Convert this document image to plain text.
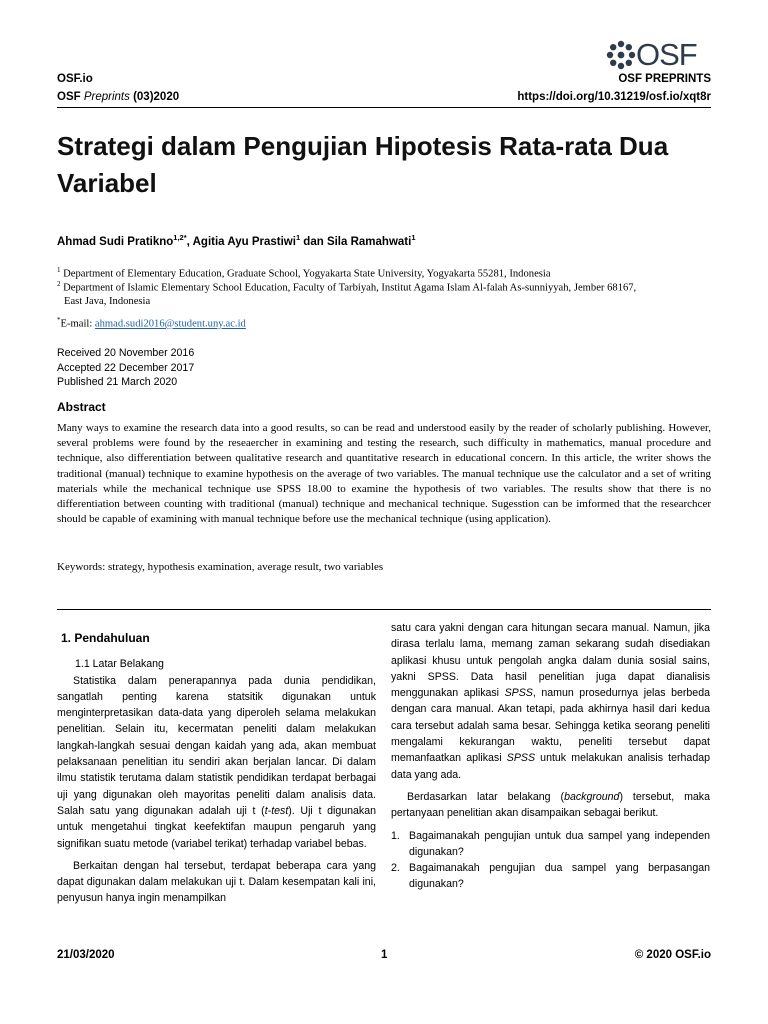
OSF
OSF.io	OSF PREPRINTS
OSF Preprints (03)2020	https://doi.org/10.31219/osf.io/xqt8r
Strategi dalam Pengujian Hipotesis Rata-rata Dua Variabel
Ahmad Sudi Pratikno$^{1,2*}$, Agitia Ayu Prastiwi$^1$ dan Sila Ramahwati$^1$
$^1$ Department of Elementary Education, Graduate School, Yogyakarta State University, Yogyakarta 55281, Indonesia
$^2$ Department of Islamic Elementary School Education, Faculty of Tarbiyah, Institut Agama Islam Al-falah As-sunniyyah, Jember 68167,
East Java, Indonesia
*E-mail: ahmad.sudi2016@student.uny.ac.id
Received 20 November 2016
Accepted 22 December 2017
Published 21 March 2020
Abstract
Many ways to examine the research data into a good results, so can be read and understood easily by the reader of scholarly publishing. However, several problems were found by the reseaercher in examining and testing the research, such difficulty in mathematics, manual procedure and technique, also differentiation between qualitative research and quantitative research in educational concern. In this article, the writer shows the traditional (manual) technique to examine hypothesis on the average of two variables. The manual technique use the calculator and a set of writing materials while the mechanical technique use SPSS 18.00 to examine the hypothesis of two variables. The results show that there is no differentiation between counting with traditional (manual) technique and mechanical technique. Sugesstion can be imformed that the researchcer should be capable of examining with manual technique before use the mechanical technique (using application).
Keywords: strategy, hypothesis examination, average result, two variables
1. Pendahuluan
1.1 Latar Belakang

Statistika dalam penerapannya pada dunia pendidikan, sangatlah penting karena statsitik digunakan untuk menginterpretasikan data-data yang diperoleh selama melakukan penelitian. Selain itu, kecermatan peneliti dalam melakukan langkah-langkah sesuai dengan kaidah yang ada, akan membuat pelaksanaan penelitian itu sendiri akan berjalan lancar. Di dalam ilmu statistik terutama dalam statistik pendidikan terdapat berbagai uji yang digunakan oleh mayoritas peneliti dalam analisis data. Salah satu yang digunakan adalah uji t (t-test). Uji t digunakan untuk mengetahui tingkat keefektifan maupun pengaruh yang signifikan suatu metode (variabel terikat) terhadap variabel bebas.

Berkaitan dengan hal tersebut, terdapat beberapa cara yang dapat digunakan dalam melakukan uji t. Dalam kesempatan kali ini, penyusun hanya ingin menampilkan

satu cara yakni dengan cara hitungan secara manual. Namun, jika dirasa terlalu lama, memang zaman sekarang sudah disediakan aplikasi khusu untuk pengolah angka dalam dunia sosial sains, yakni SPSS. Data hasil penelitian juga dapat dianalisis menggunakan aplikasi SPSS, namun prosedurnya jelas berbeda dengan cara manual. Akan tetapi, pada akhirnya hasil dari kedua cara tersebut adalah sama besar. Sehingga ketika seorang peneliti mengalami kekurangan waktu, peneliti tersebut dapat memanfaatkan aplikasi SPSS untuk melakukan analisis terhadap data yang ada.

Berdasarkan latar belakang (background) tersebut, maka pertanyaan penelitian akan disampaikan sebagai berikut.

1. Bagaimanakah pengujian untuk dua sampel yang independen digunakan?
2. Bagaimanakah pengujian dua sampel yang berpasangan digunakan?
21/03/2020	1	© 2020 OSF.io
